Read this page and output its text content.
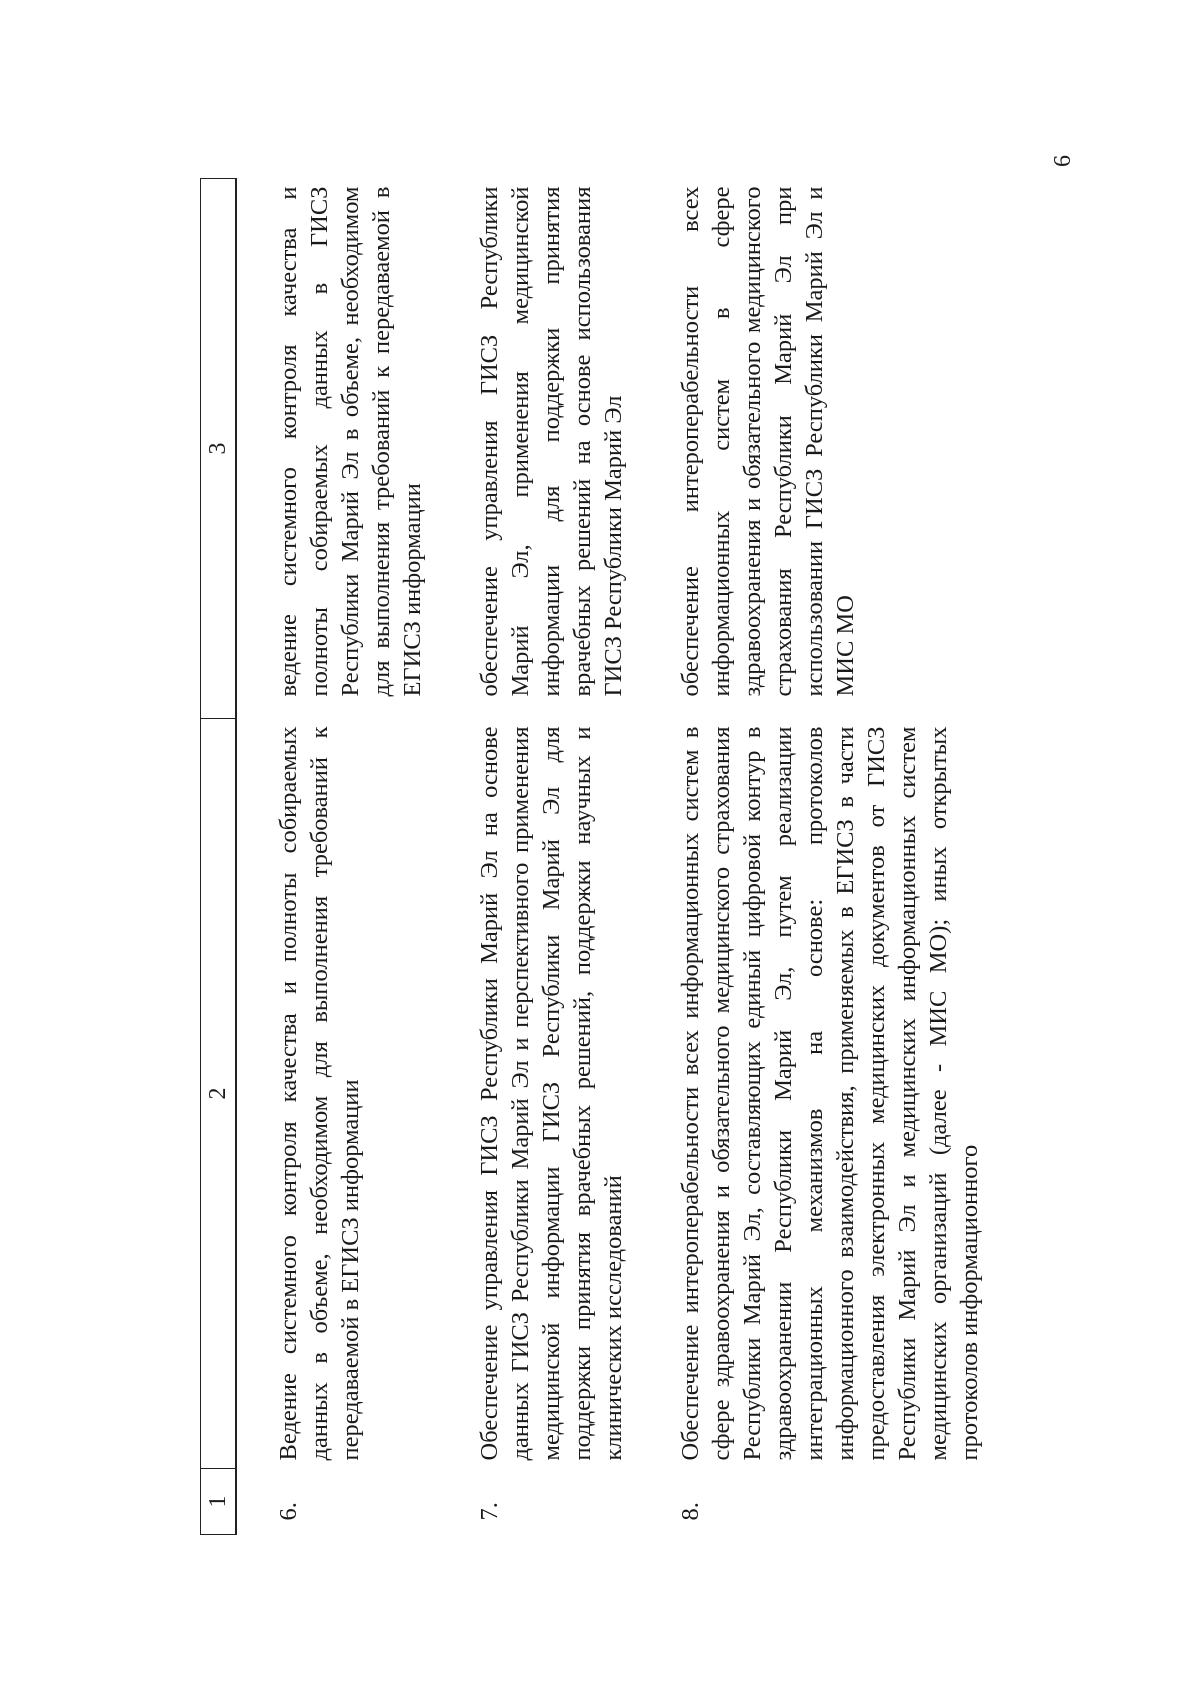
6
1	2	3
6.	Ведение системного контроля качества и полноты собираемых данных в объеме, необходимом для выполнения требований к передаваемой в ЕГИСЗ информации	ведение системного контроля качества и полноты собираемых данных в ГИСЗ Республики Марий Эл в объеме, необходимом для выполнения требований к передаваемой в ЕГИСЗ информации
7.	Обеспечение управления ГИСЗ Республики Марий Эл на основе данных ГИСЗ Республики Марий Эл и перспективного применения медицинской информации ГИСЗ Республики Марий Эл для поддержки принятия врачебных решений, поддержки научных и клинических исследований	обеспечение управления ГИСЗ Республики Марий Эл, применения медицинской информации для поддержки принятия врачебных решений на основе использования ГИСЗ Республики Марий Эл
8.	Обеспечение интероперабельности всех информационных систем в сфере здравоохранения и обязательного медицинского страхования Республики Марий Эл, составляющих единый цифровой контур в здравоохранении Республики Марий Эл, путем реализации интеграционных механизмов на основе: протоколов информационного взаимодействия, применяемых в ЕГИСЗ в части предоставления электронных медицинских документов от ГИСЗ Республики Марий Эл и медицинских информационных систем медицинских организаций (далее - МИС МО); иных открытых протоколов информационного	обеспечение интероперабельности всех информационных систем в сфере здравоохранения и обязательного медицинского страхования Республики Марий Эл при использовании ГИСЗ Республики Марий Эл и МИС МО
